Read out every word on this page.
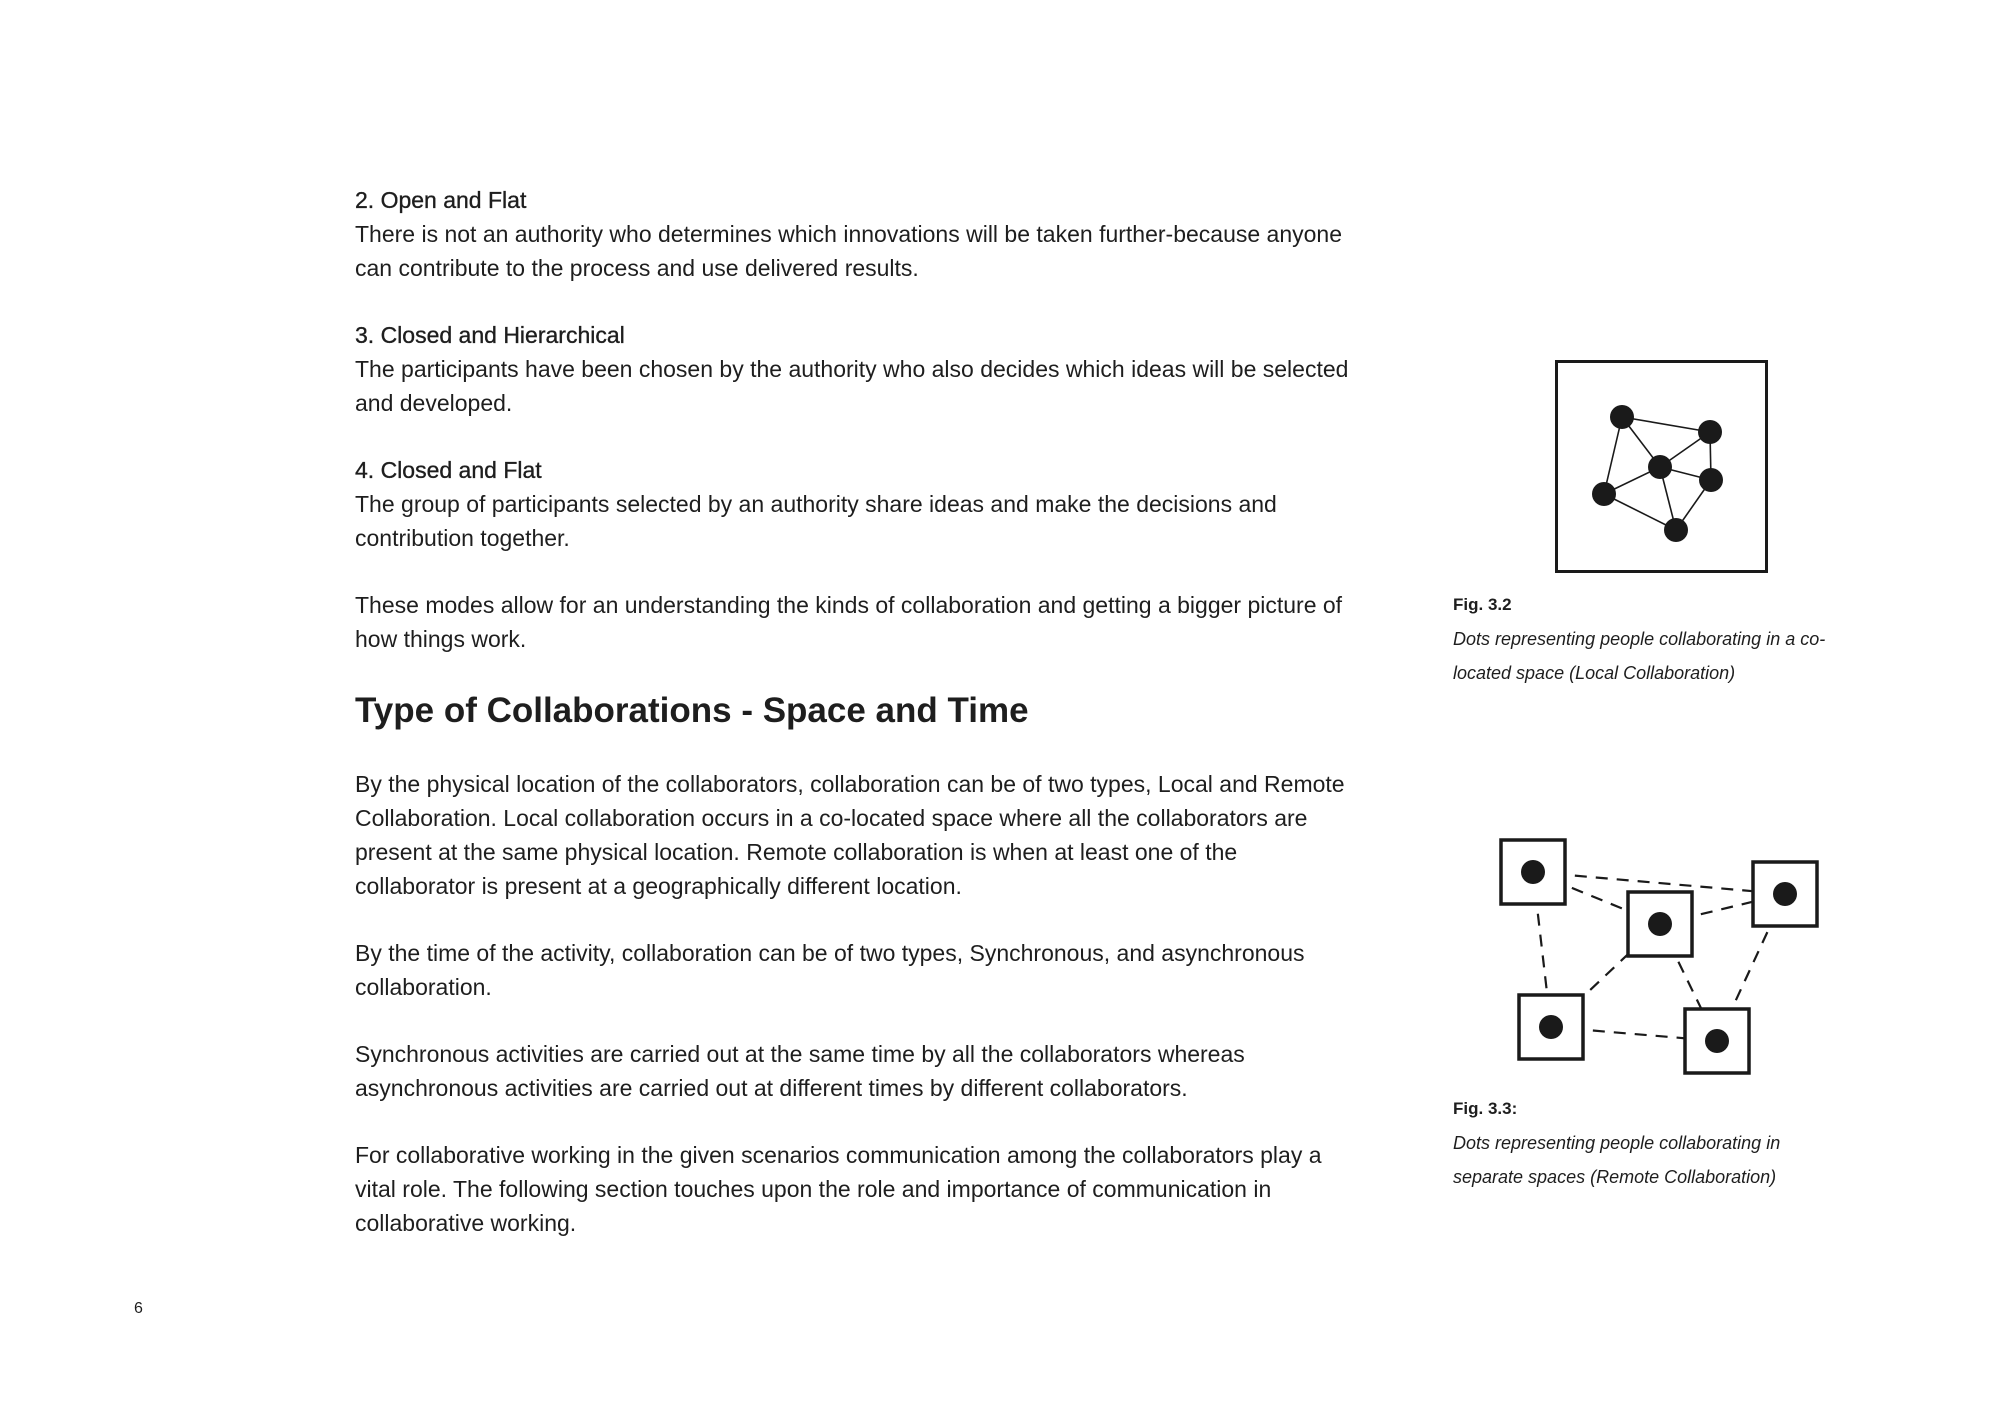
2. Open and Flat

There is not an authority who determines which innovations will be taken further-because anyone can contribute to the process and use delivered results.

3. Closed and Hierarchical

The participants have been chosen by the authority who also decides which ideas will be selected and developed.

4. Closed and Flat

The group of participants selected by an authority share ideas and make the decisions and contribution together.

These modes allow for an understanding the kinds of collaboration and getting a bigger picture of how things work.

Type of Collaborations - Space and Time

By the physical location of the collaborators, collaboration can be of two types, Local and Remote Collaboration. Local collaboration occurs in a co-located space where all the collaborators are present at the same physical location. Remote collaboration is when at least one of the collaborator is present at a geographically different location.

By the time of the activity, collaboration can be of two types, Synchronous, and asynchronous collaboration.

Synchronous activities are carried out at the same time by all the collaborators whereas asynchronous activities are carried out at different times by different collaborators.

For collaborative working in the given scenarios communication among the collaborators play a vital role. The following section touches upon the role and importance of communication in collaborative working.

Fig. 3.2

Dots representing people collaborating in a co-located space (Local Collaboration)

Fig. 3.3:

Dots representing people collaborating in separate spaces (Remote Collaboration)

6
